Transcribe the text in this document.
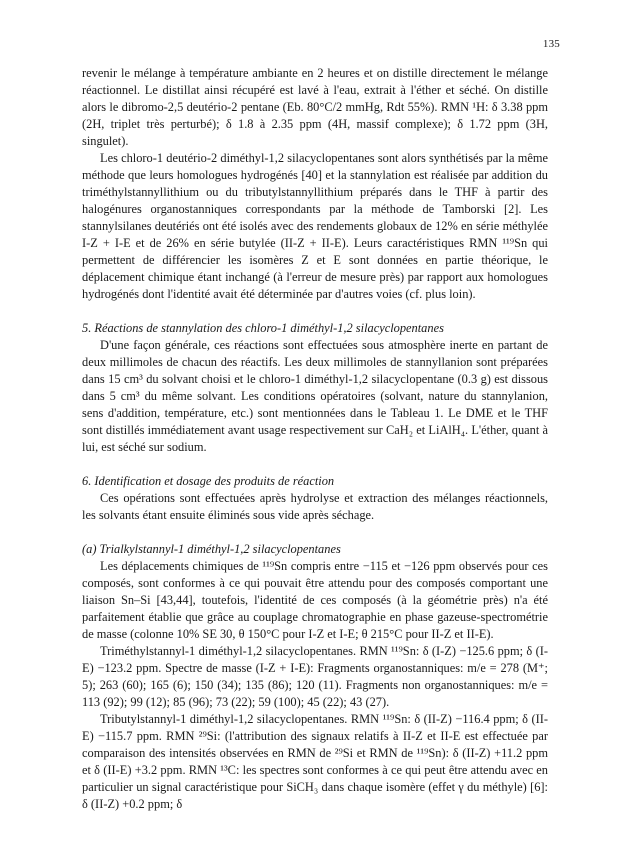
135

revenir le mélange à température ambiante en 2 heures et on distille directement le mélange réactionnel. Le distillat ainsi récupéré est lavé à l'eau, extrait à l'éther et séché. On distille alors le dibromo-2,5 deutério-2 pentane (Eb. 80°C/2 mmHg, Rdt 55%). RMN ¹H: δ 3.38 ppm (2H, triplet très perturbé); δ 1.8 à 2.35 ppm (4H, massif complexe); δ 1.72 ppm (3H, singulet).

Les chloro-1 deutério-2 diméthyl-1,2 silacyclopentanes sont alors synthétisés par la même méthode que leurs homologues hydrogénés [40] et la stannylation est réalisée par addition du triméthylstannyllithium ou du tributylstannyllithium préparés dans le THF à partir des halogénures organostanniques correspondants par la méthode de Tamborski [2]. Les stannylsilanes deutériés ont été isolés avec des rendements globaux de 12% en série méthylée I-Z + I-E et de 26% en série butylée (II-Z + II-E). Leurs caractéristiques RMN ¹¹⁹Sn qui permettent de différencier les isomères Z et E sont données en partie théorique, le déplacement chimique étant inchangé (à l'erreur de mesure près) par rapport aux homologues hydrogénés dont l'identité avait été déterminée par d'autres voies (cf. plus loin).

5. Réactions de stannylation des chloro-1 diméthyl-1,2 silacyclopentanes

D'une façon générale, ces réactions sont effectuées sous atmosphère inerte en partant de deux millimoles de chacun des réactifs. Les deux millimoles de stannyllanion sont préparées dans 15 cm³ du solvant choisi et le chloro-1 diméthyl-1,2 silacyclopentane (0.3 g) est dissous dans 5 cm³ du même solvant. Les conditions opératoires (solvant, nature du stannylanion, sens d'addition, température, etc.) sont mentionnées dans le Tableau 1. Le DME et le THF sont distillés immédiatement avant usage respectivement sur CaH₂ et LiAlH₄. L'éther, quant à lui, est séché sur sodium.

6. Identification et dosage des produits de réaction

Ces opérations sont effectuées après hydrolyse et extraction des mélanges réactionnels, les solvants étant ensuite éliminés sous vide après séchage.

(a) Trialkylstannyl-1 diméthyl-1,2 silacyclopentanes

Les déplacements chimiques de ¹¹⁹Sn compris entre −115 et −126 ppm observés pour ces composés, sont conformes à ce qui pouvait être attendu pour des composés comportant une liaison Sn–Si [43,44], toutefois, l'identité de ces composés (à la géométrie près) n'a été parfaitement établie que grâce au couplage chromatographie en phase gazeuse-spectrométrie de masse (colonne 10% SE 30, θ 150°C pour I-Z et I-E; θ 215°C pour II-Z et II-E).

Triméthylstannyl-1 diméthyl-1,2 silacyclopentanes. RMN ¹¹⁹Sn: δ (I-Z) −125.6 ppm; δ (I-E) −123.2 ppm. Spectre de masse (I-Z + I-E): Fragments organostanniques: m/e = 278 (M⁺; 5); 263 (60); 165 (6); 150 (34); 135 (86); 120 (11). Fragments non organostanniques: m/e = 113 (92); 99 (12); 85 (96); 73 (22); 59 (100); 45 (22); 43 (27).

Tributylstannyl-1 diméthyl-1,2 silacyclopentanes. RMN ¹¹⁹Sn: δ (II-Z) −116.4 ppm; δ (II-E) −115.7 ppm. RMN ²⁹Si: (l'attribution des signaux relatifs à II-Z et II-E est effectuée par comparaison des intensités observées en RMN de ²⁹Si et RMN de ¹¹⁹Sn): δ (II-Z) +11.2 ppm et δ (II-E) +3.2 ppm. RMN ¹³C: les spectres sont conformes à ce qui peut être attendu avec en particulier un signal caractéristique pour SiCH₃ dans chaque isomère (effet γ du méthyle) [6]: δ (II-Z) +0.2 ppm; δ
